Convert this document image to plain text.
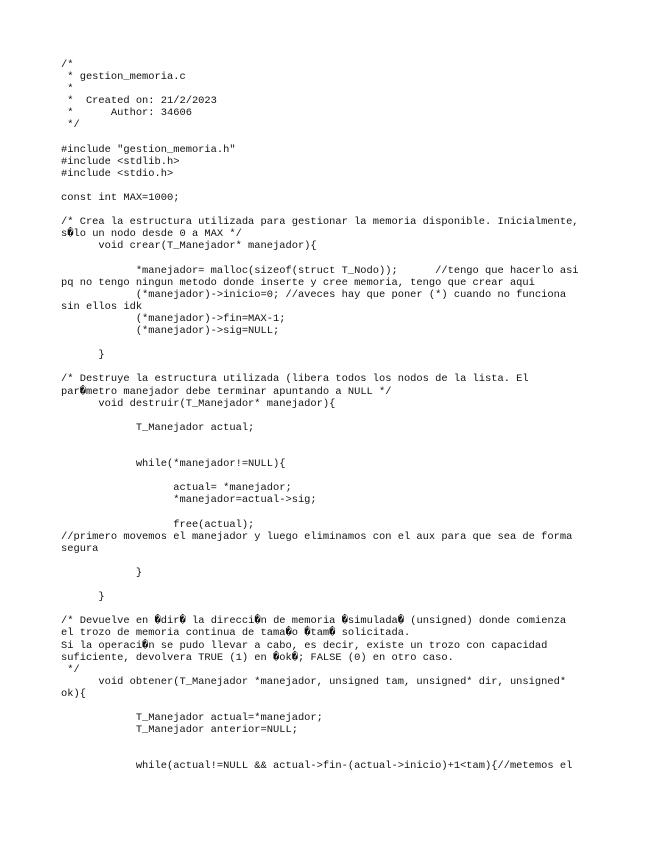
/*
* gestion_memoria.c
*
*  Created on: 21/2/2023
*      Author: 34606
*/
#include "gestion_memoria.h"
#include <stdlib.h>
#include <stdio.h>
const int MAX=1000;
/* Crea la estructura utilizada para gestionar la memoria disponible. Inicialmente,
s�lo un nodo desde 0 a MAX */
void crear(T_Manejador* manejador){
*manejador= malloc(sizeof(struct T_Nodo));      //tengo que hacerlo asi
pq no tengo ningun metodo donde inserte y cree memoria, tengo que crear aqui
(*manejador)->inicio=0; //aveces hay que poner (*) cuando no funciona
sin ellos idk
(*manejador)->fin=MAX-1;
(*manejador)->sig=NULL;
}
/* Destruye la estructura utilizada (libera todos los nodos de la lista. El
par�metro manejador debe terminar apuntando a NULL */
void destruir(T_Manejador* manejador){
T_Manejador actual;
while(*manejador!=NULL){
actual= *manejador;
*manejador=actual->sig;
free(actual);
//primero movemos el manejador y luego eliminamos con el aux para que sea de forma
segura
}
}
/* Devuelve en �dir� la direcci�n de memoria �simulada� (unsigned) donde comienza
el trozo de memoria continua de tama�o �tam� solicitada.
Si la operaci�n se pudo llevar a cabo, es decir, existe un trozo con capacidad
suficiente, devolvera TRUE (1) en �ok�; FALSE (0) en otro caso.
*/
void obtener(T_Manejador *manejador, unsigned tam, unsigned* dir, unsigned*
ok){
T_Manejador actual=*manejador;
T_Manejador anterior=NULL;
while(actual!=NULL && actual->fin-(actual->inicio)+1<tam){//metemos el
